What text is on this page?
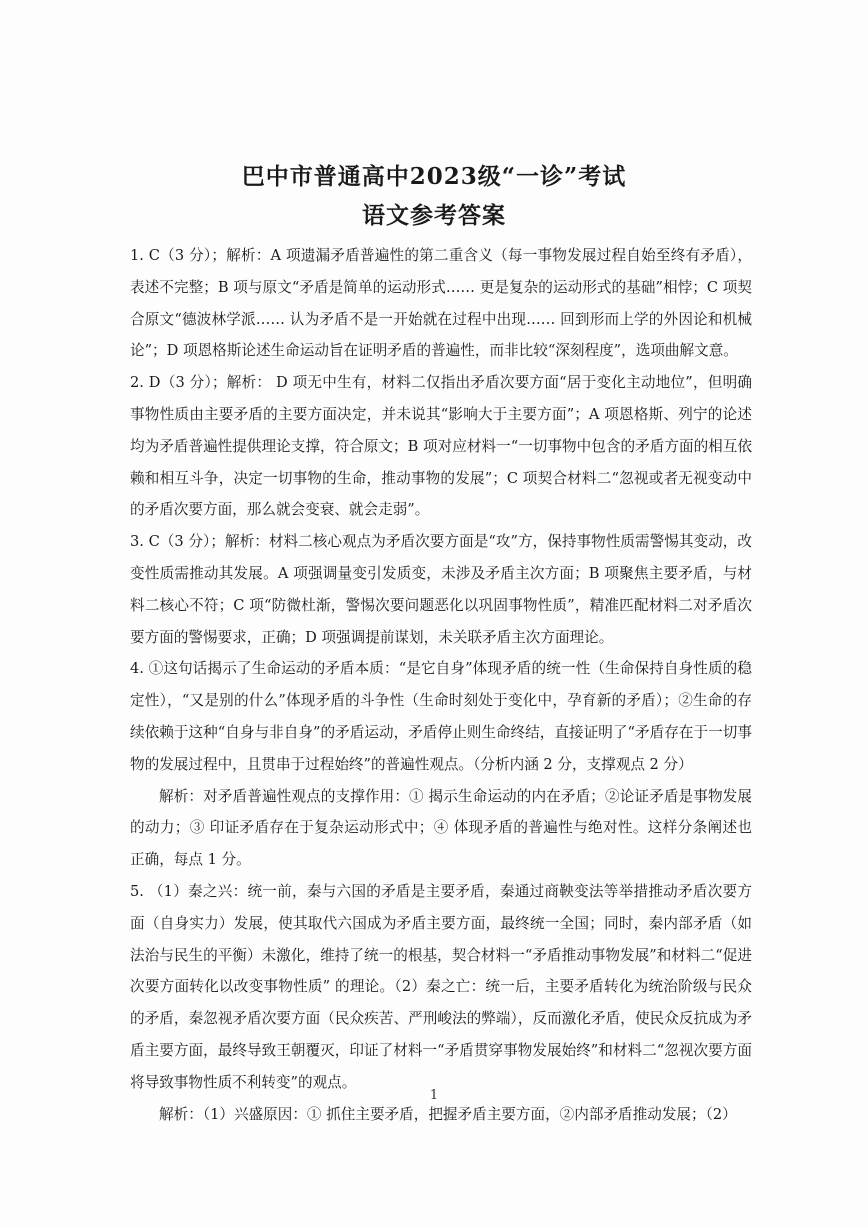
巴中市普通高中2023级“一诊”考试
语文参考答案

1. C（3 分）；解析：A 项遗漏矛盾普遍性的第二重含义（每一事物发展过程自始至终有矛盾），表述不完整；B 项与原文“矛盾是简单的运动形式…… 更是复杂的运动形式的基础”相悖；C 项契合原文“德波林学派…… 认为矛盾不是一开始就在过程中出现…… 回到形而上学的外因论和机械论”；D 项恩格斯论述生命运动旨在证明矛盾的普遍性，而非比较“深刻程度”，选项曲解文意。

2. D（3 分）；解析： D 项无中生有，材料二仅指出矛盾次要方面“居于变化主动地位”，但明确事物性质由主要矛盾的主要方面决定，并未说其“影响大于主要方面”；A 项恩格斯、列宁的论述均为矛盾普遍性提供理论支撑，符合原文；B 项对应材料一“一切事物中包含的矛盾方面的相互依赖和相互斗争，决定一切事物的生命，推动事物的发展”；C 项契合材料二“忽视或者无视变动中的矛盾次要方面，那么就会变衰、就会走弱”。

3. C（3 分）；解析：材料二核心观点为矛盾次要方面是“攻”方，保持事物性质需警惕其变动，改变性质需推动其发展。A 项强调量变引发质变，未涉及矛盾主次方面；B 项聚焦主要矛盾，与材料二核心不符；C 项“防微杜渐，警惕次要问题恶化以巩固事物性质”，精准匹配材料二对矛盾次要方面的警惕要求，正确；D 项强调提前谋划，未关联矛盾主次方面理论。

4. ①这句话揭示了生命运动的矛盾本质：“是它自身”体现矛盾的统一性（生命保持自身性质的稳定性），“又是别的什么”体现矛盾的斗争性（生命时刻处于变化中，孕育新的矛盾）；②生命的存续依赖于这种“自身与非自身”的矛盾运动，矛盾停止则生命终结，直接证明了“矛盾存在于一切事物的发展过程中，且贯串于过程始终”的普遍性观点。（分析内涵 2 分，支撑观点 2 分）

解析：对矛盾普遍性观点的支撑作用：① 揭示生命运动的内在矛盾；②论证矛盾是事物发展的动力；③ 印证矛盾存在于复杂运动形式中；④ 体现矛盾的普遍性与绝对性。这样分条阐述也正确，每点 1 分。

5. （1）秦之兴：统一前，秦与六国的矛盾是主要矛盾，秦通过商鞅变法等举措推动矛盾次要方面（自身实力）发展，使其取代六国成为矛盾主要方面，最终统一全国；同时，秦内部矛盾（如法治与民生的平衡）未激化，维持了统一的根基，契合材料一“矛盾推动事物发展”和材料二“促进次要方面转化以改变事物性质” 的理论。（2）秦之亡：统一后，主要矛盾转化为统治阶级与民众的矛盾，秦忽视矛盾次要方面（民众疾苦、严刑峻法的弊端），反而激化矛盾，使民众反抗成为矛盾主要方面，最终导致王朝覆灭，印证了材料一“矛盾贯穿事物发展始终”和材料二“忽视次要方面将导致事物性质不利转变”的观点。

解析：（1）兴盛原因：① 抓住主要矛盾，把握矛盾主要方面，②内部矛盾推动发展；（2）

1
